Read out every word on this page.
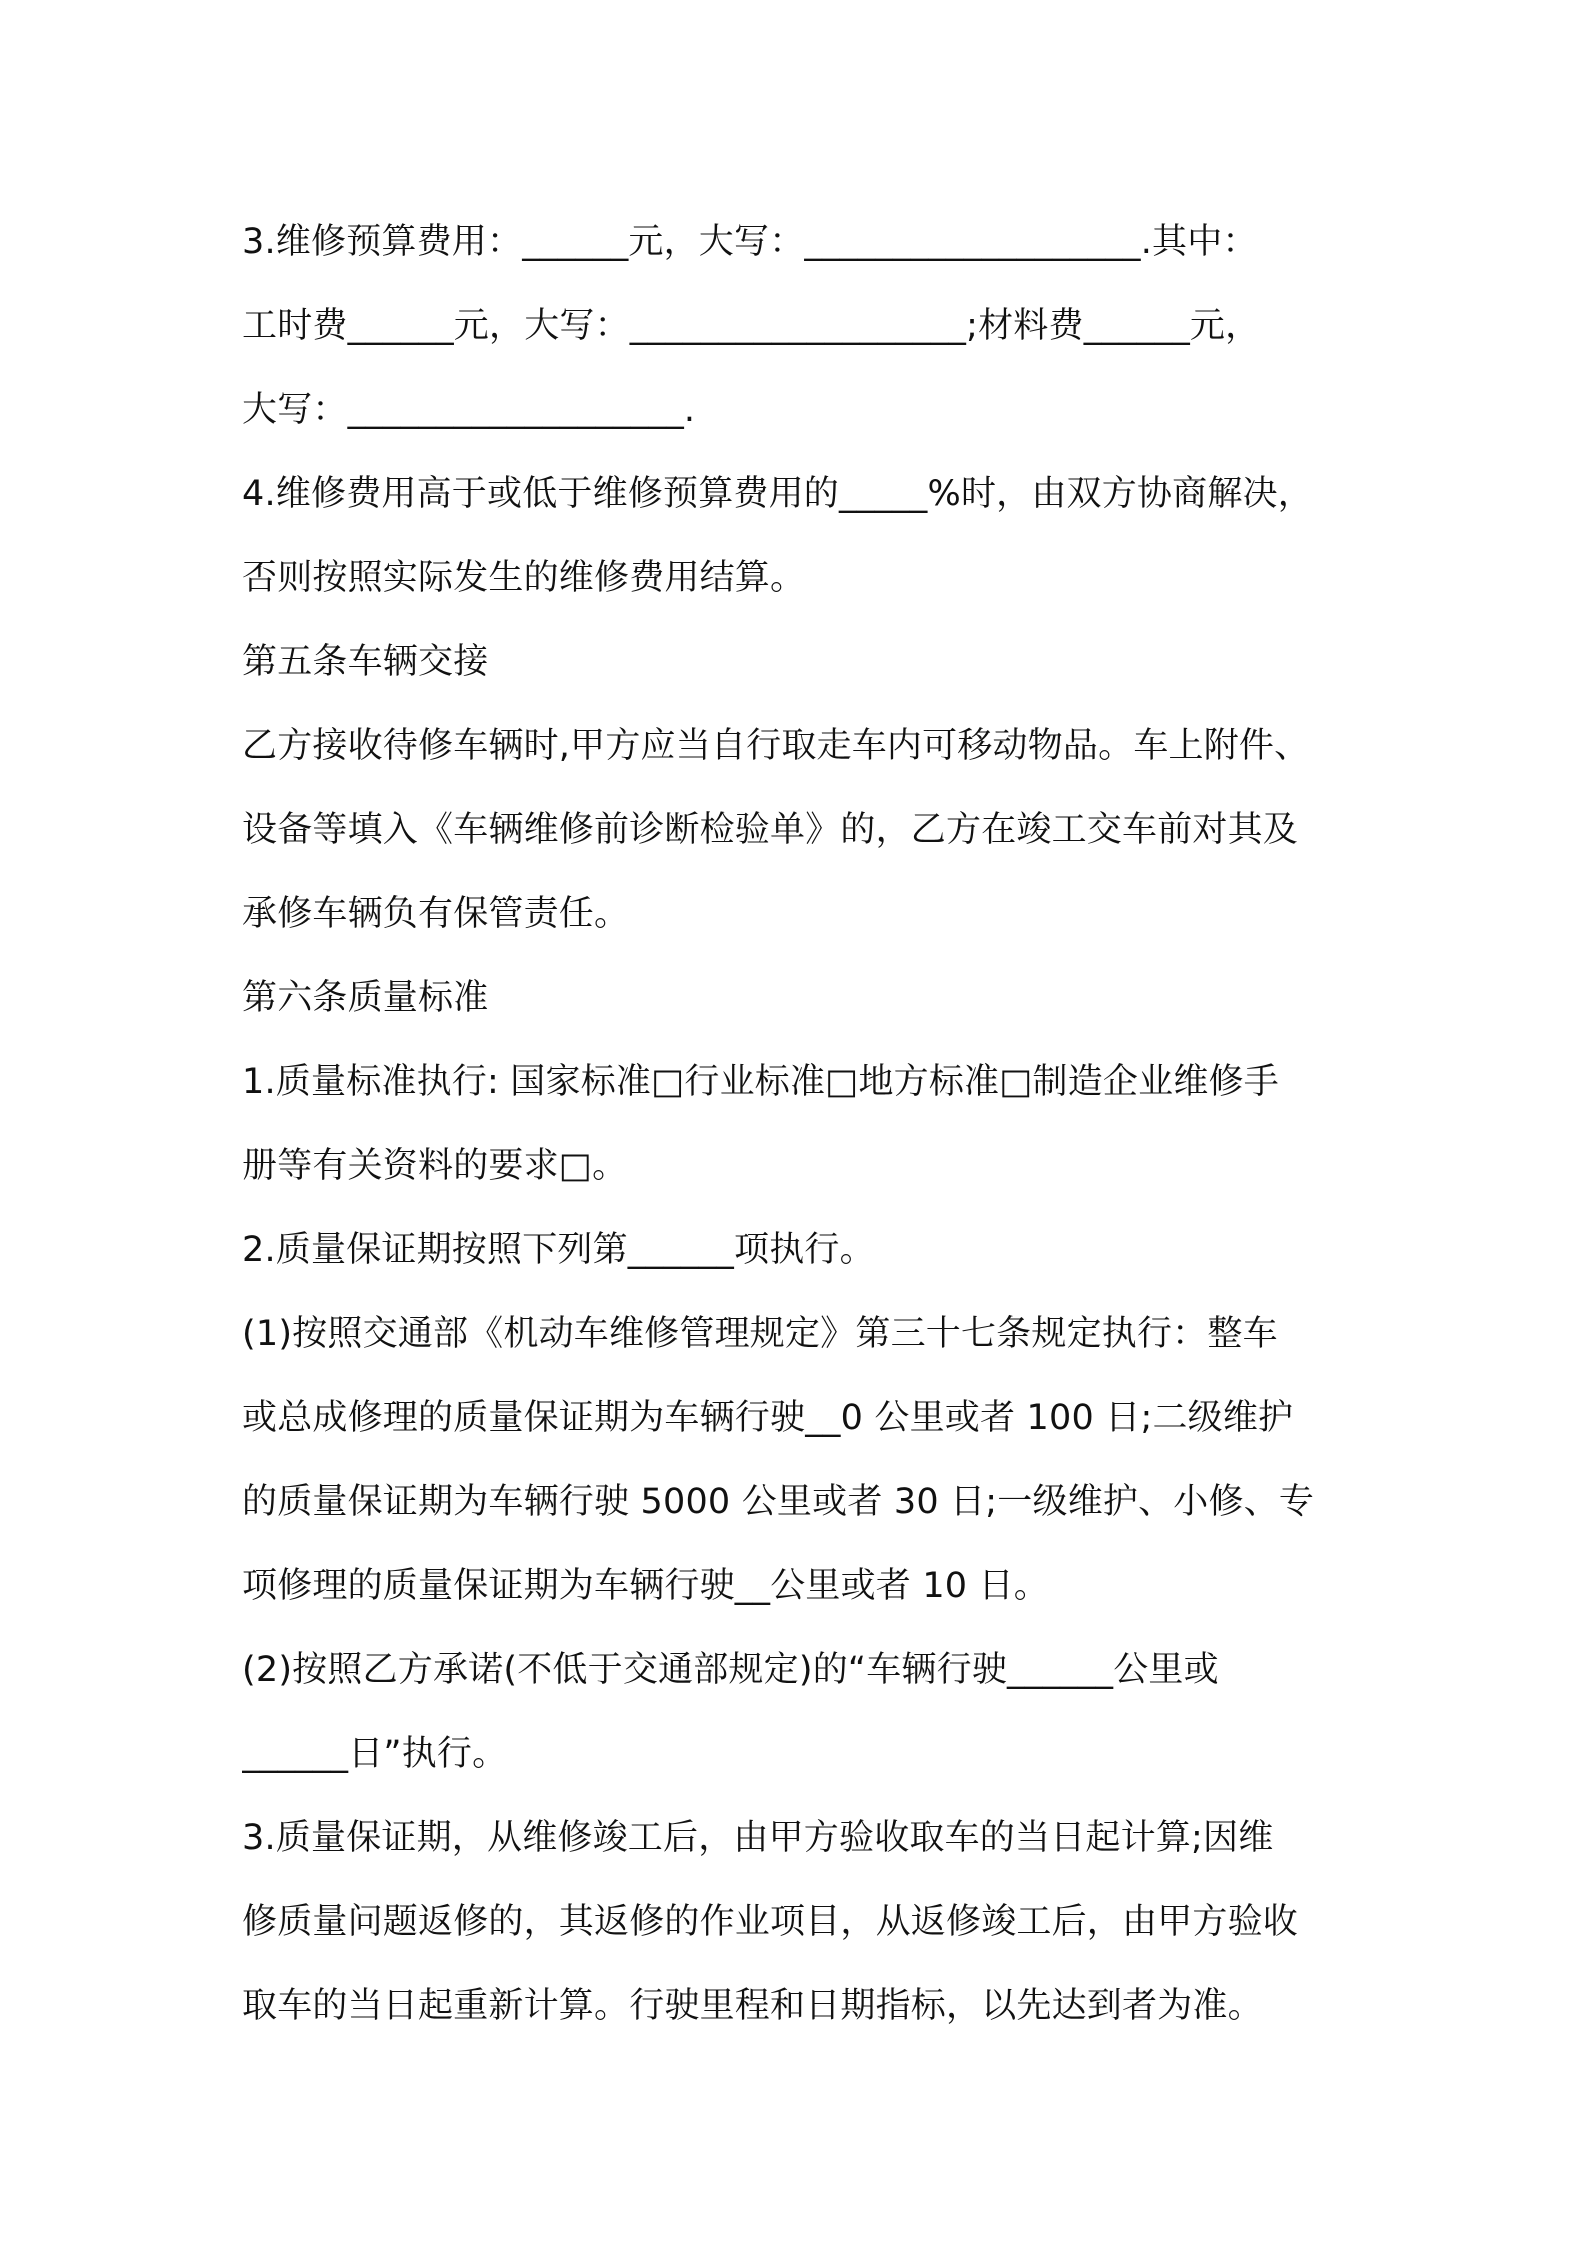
3.维修预算费用：______元，大写：___________________.其中：
工时费______元，大写：___________________;材料费______元，
大写：___________________.
4.维修费用高于或低于维修预算费用的_____%时，由双方协商解决，
否则按照实际发生的维修费用结算。
第五条车辆交接
乙方接收待修车辆时,甲方应当自行取走车内可移动物品。车上附件、
设备等填入《车辆维修前诊断检验单》的，乙方在竣工交车前对其及
承修车辆负有保管责任。
第六条质量标准
1.质量标准执行: 国家标准□行业标准□地方标准□制造企业维修手
册等有关资料的要求□。
2.质量保证期按照下列第______项执行。
(1)按照交通部《机动车维修管理规定》第三十七条规定执行：整车
或总成修理的质量保证期为车辆行驶__0 公里或者 100 日;二级维护
的质量保证期为车辆行驶 5000 公里或者 30 日;一级维护、小修、专
项修理的质量保证期为车辆行驶__公里或者 10 日。
(2)按照乙方承诺(不低于交通部规定)的“车辆行驶______公里或
______日”执行。
3.质量保证期，从维修竣工后，由甲方验收取车的当日起计算;因维
修质量问题返修的，其返修的作业项目，从返修竣工后，由甲方验收
取车的当日起重新计算。行驶里程和日期指标，以先达到者为准。
